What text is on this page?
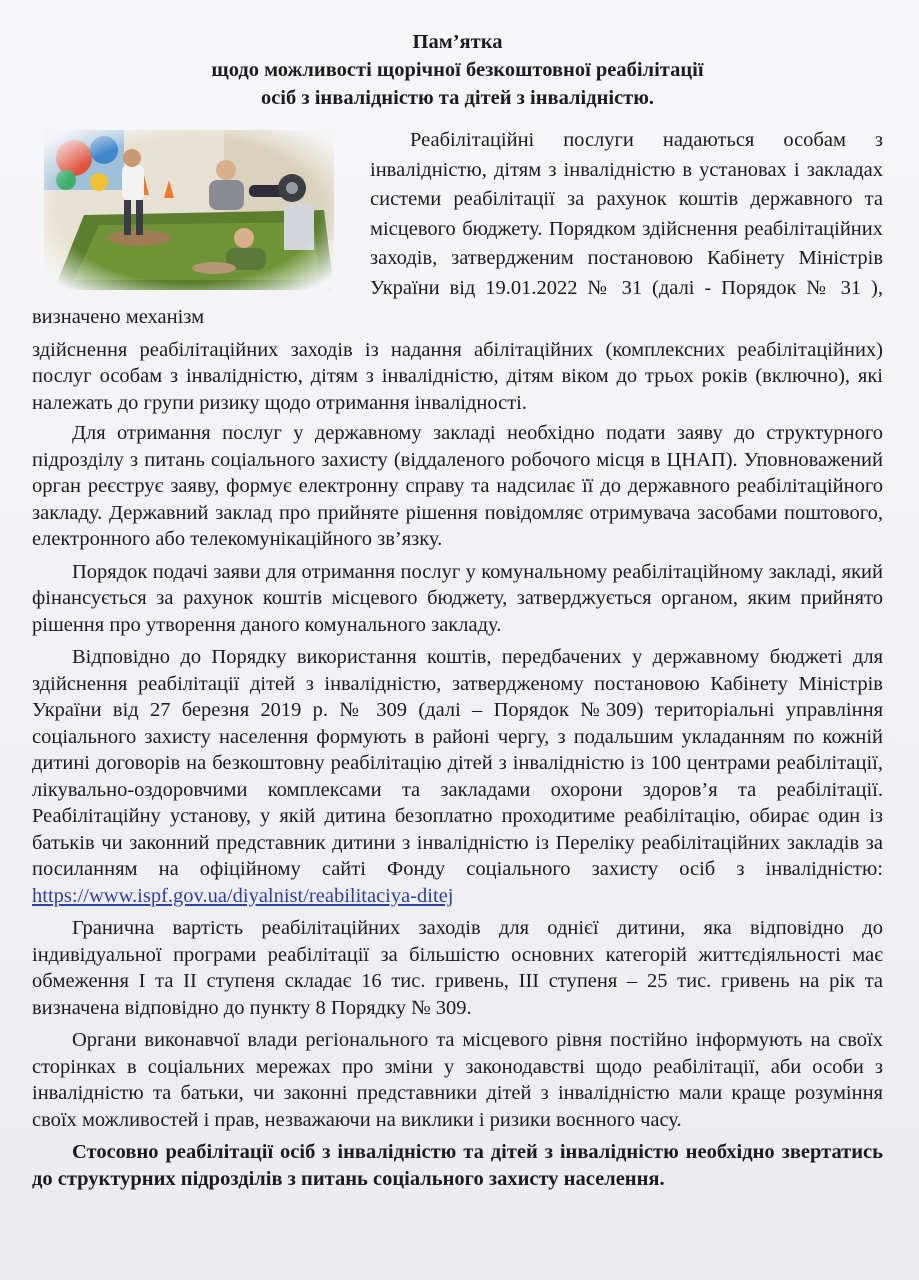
Пам’ятка
щодо можливості щорічної безкоштовної реабілітації
осіб з інвалідністю та дітей з інвалідністю.
Реабілітаційні послуги надаються особам з інвалідністю, дітям з інвалідністю в установах і закладах системи реабілітації за рахунок коштів державного та місцевого бюджету. Порядком здійснення реабілітаційних заходів, затвердженим постановою Кабінету Міністрів України від 19.01.2022 № 31 (далі - Порядок № 31 ), визначено механізм

здійснення реабілітаційних заходів із надання абілітаційних (комплексних реабілітаційних) послуг особам з інвалідністю, дітям з інвалідністю, дітям віком до трьох років (включно), які належать до групи ризику щодо отримання інвалідності.

Для отримання послуг у державному закладі необхідно подати заяву до структурного підрозділу з питань соціального захисту (віддаленого робочого місця в ЦНАП). Уповноважений орган реєструє заяву, формує електронну справу та надсилає її до державного реабілітаційного закладу. Державний заклад про прийняте рішення повідомляє отримувача засобами поштового, електронного або телекомунікаційного зв’язку.

Порядок подачі заяви для отримання послуг у комунальному реабілітаційному закладі, який фінансується за рахунок коштів місцевого бюджету, затверджується органом, яким прийнято рішення про утворення даного комунального закладу.

Відповідно до Порядку використання коштів, передбачених у державному бюджеті для здійснення реабілітації дітей з інвалідністю, затвердженому постановою Кабінету Міністрів України від 27 березня 2019 р. № 309 (далі – Порядок №309) територіальні управління соціального захисту населення формують в районі чергу, з подальшим укладанням по кожній дитині договорів на безкоштовну реабілітацію дітей з інвалідністю із 100 центрами реабілітації, лікувально-оздоровчими комплексами та закладами охорони здоров’я та реабілітації. Реабілітаційну установу, у якій дитина безоплатно проходитиме реабілітацію, обирає один із батьків чи законний представник дитини з інвалідністю із Переліку реабілітаційних закладів за посиланням на офіційному сайті Фонду соціального захисту осіб з інвалідністю: https://www.ispf.gov.ua/diyalnist/reabilitaciya-ditej

Гранична вартість реабілітаційних заходів для однієї дитини, яка відповідно до індивідуальної програми реабілітації за більшістю основних категорій життєдіяльності має обмеження І та ІІ ступеня складає 16 тис. гривень, ІІІ ступеня – 25 тис. гривень на рік та визначена відповідно до пункту 8 Порядку № 309.

Органи виконавчої влади регіонального та місцевого рівня постійно інформують на своїх сторінках в соціальних мережах про зміни у законодавстві щодо реабілітації, аби особи з інвалідністю та батьки, чи законні представники дітей з інвалідністю мали краще розуміння своїх можливостей і прав, незважаючи на виклики і ризики воєнного часу.

Стосовно реабілітації осіб з інвалідністю та дітей з інвалідністю необхідно звертатись до структурних підрозділів з питань соціального захисту населення.
